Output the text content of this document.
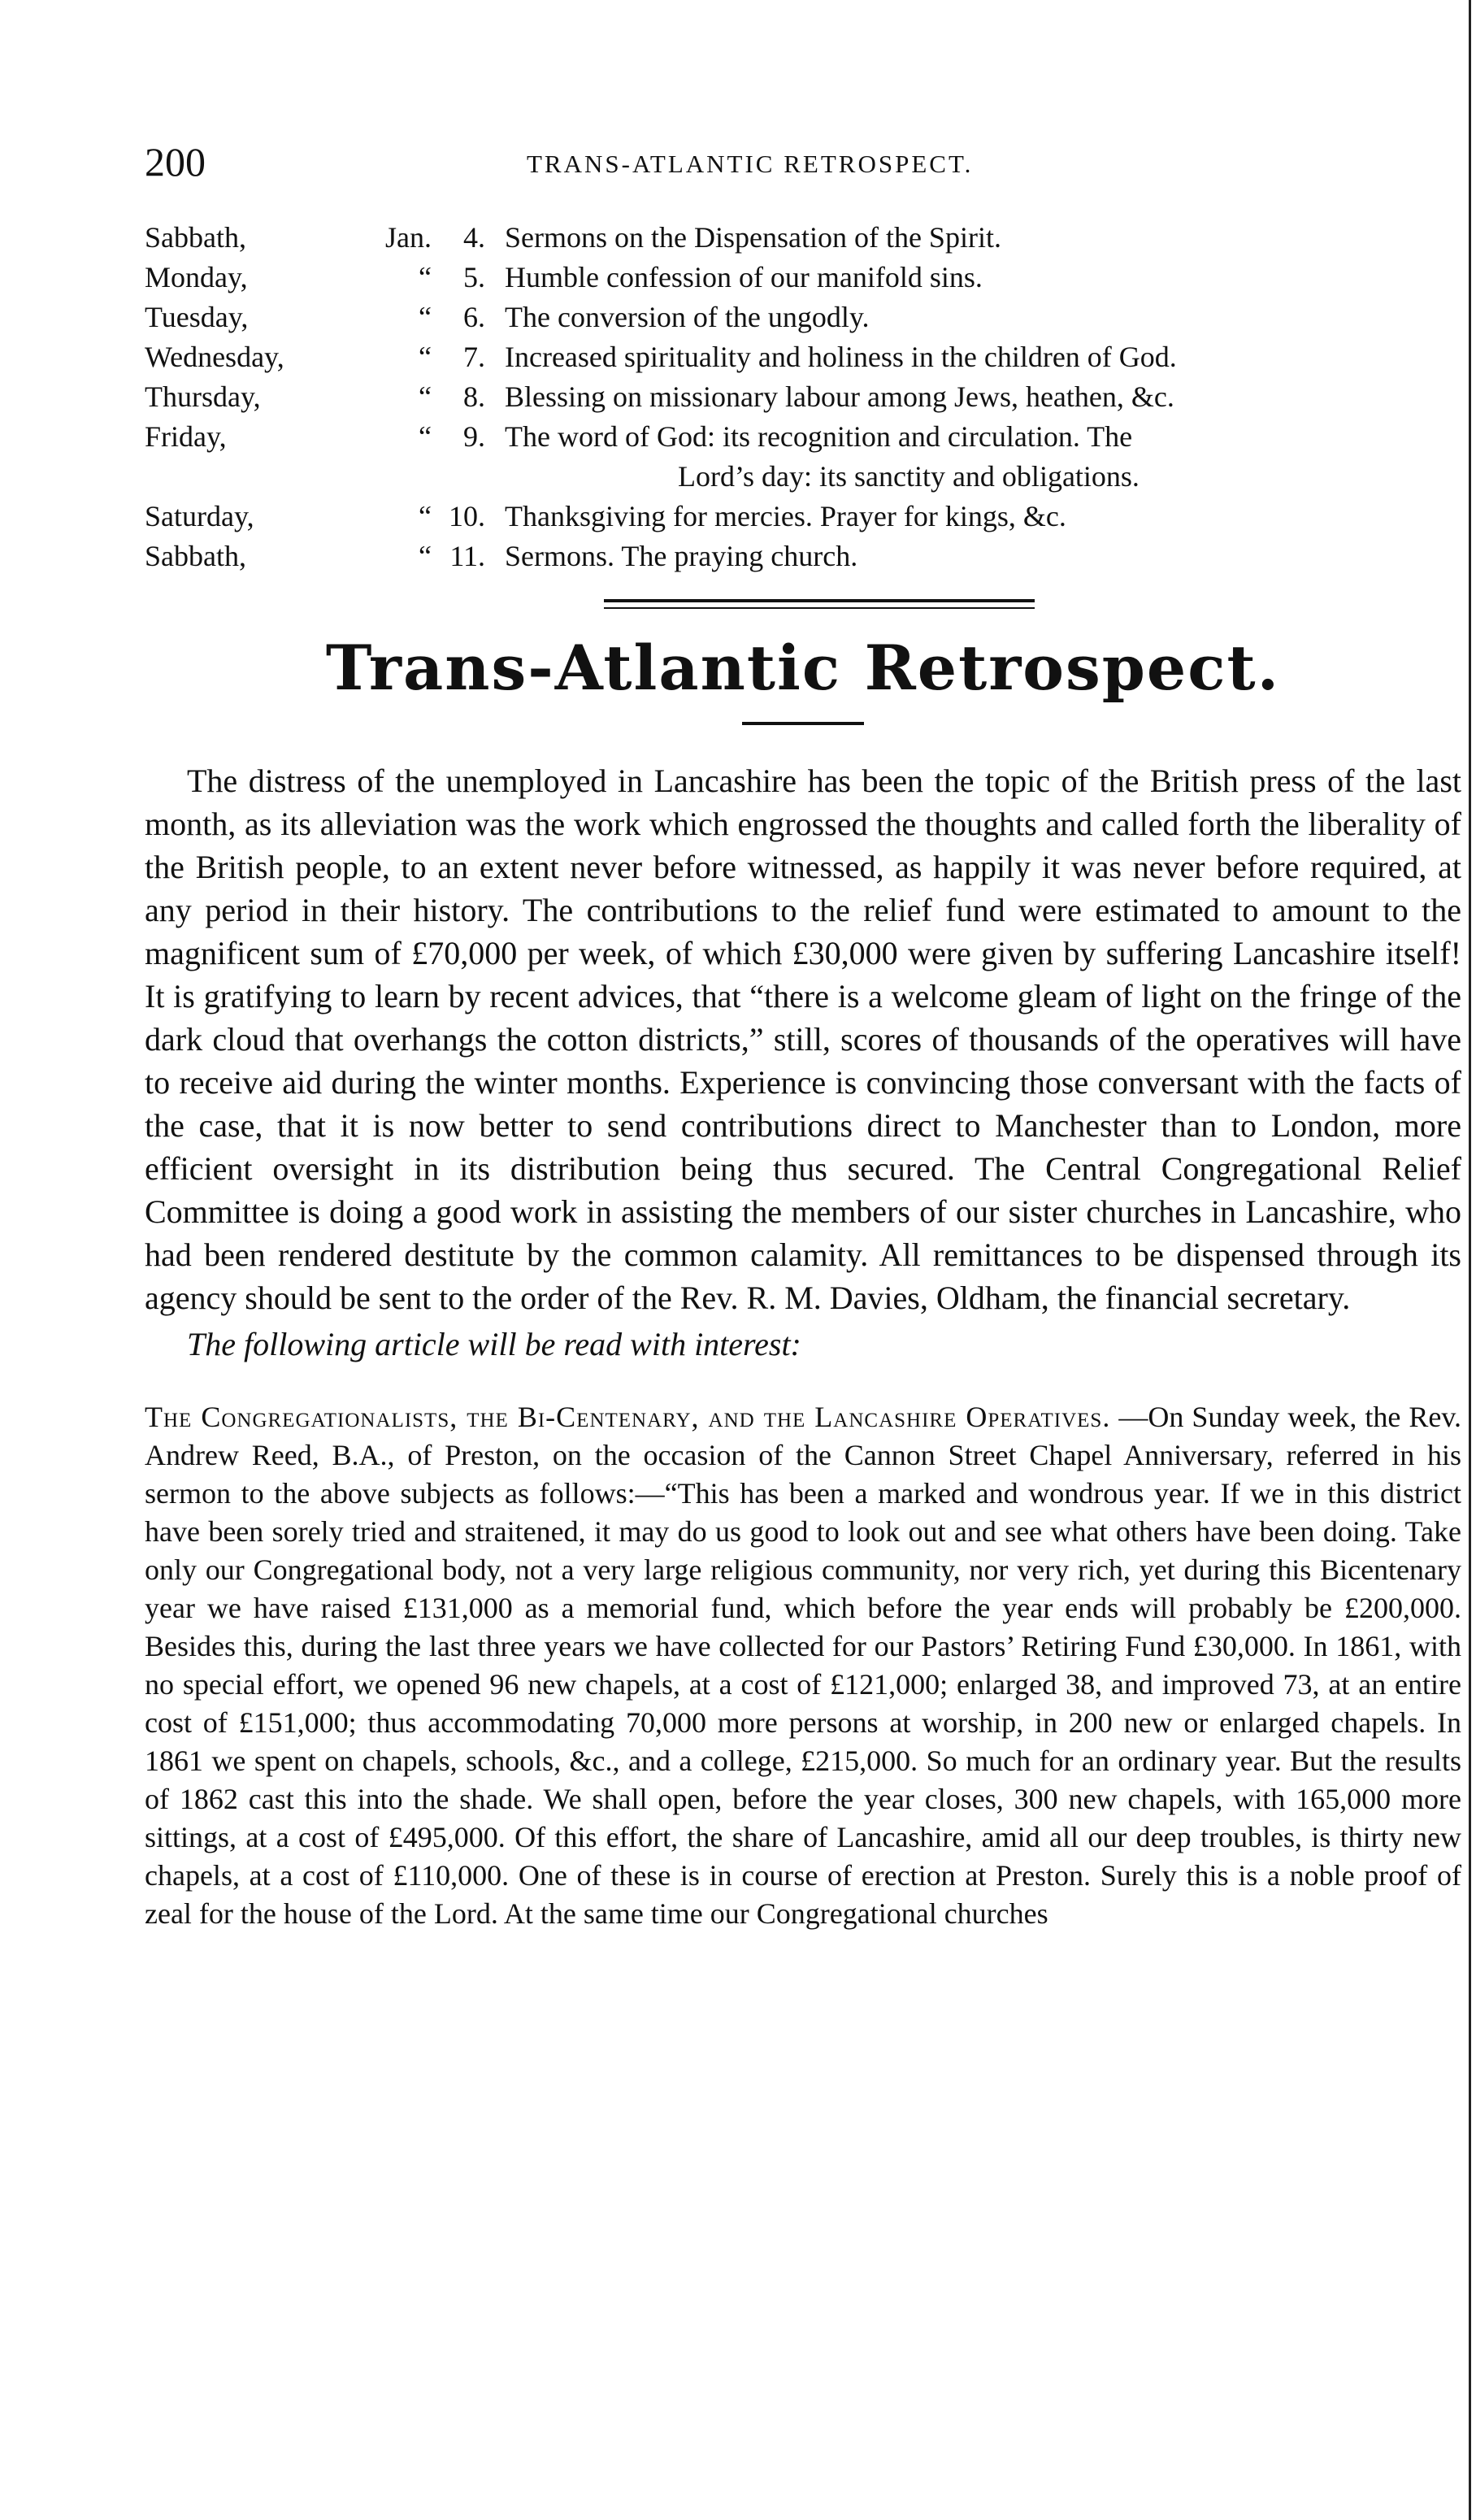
200	TRANS-ATLANTIC RETROSPECT.
Sabbath,	Jan.	4. Sermons on the Dispensation of the Spirit.
Monday,	“	5. Humble confession of our manifold sins.
Tuesday,	“	6. The conversion of the ungodly.
Wednesday,	“	7. Increased spirituality and holiness in the children of God.
Thursday,	“	8. Blessing on missionary labour among Jews, heathen, &c.
Friday,	“	9. The word of God: its recognition and circulation. The
Lord’s day: its sanctity and obligations.
Saturday,	“ 10. Thanksgiving for mercies. Prayer for kings, &c.
Sabbath,	“ 11. Sermons. The praying church.
Trans-Atlantic Retrospect.

The distress of the unemployed in Lancashire has been the topic of the British press of the last month, as its alleviation was the work which engrossed the thoughts and called forth the liberality of the British people, to an extent never before witnessed, as happily it was never before required, at any period in their history. The contributions to the relief fund were estimated to amount to the magnificent sum of £70,000 per week, of which £30,000 were given by suffering Lancashire itself! It is gratifying to learn by recent advices, that “there is a welcome gleam of light on the fringe of the dark cloud that overhangs the cotton districts,” still, scores of thousands of the operatives will have to receive aid during the winter months. Experience is convincing those conversant with the facts of the case, that it is now better to send contributions direct to Manchester than to London, more efficient oversight in its distribution being thus secured. The Central Congregational Relief Committee is doing a good work in assisting the members of our sister churches in Lancashire, who had been rendered destitute by the common calamity. All remittances to be dispensed through its agency should be sent to the order of the Rev. R. M. Davies, Oldham, the financial secretary.

The following article will be read with interest:
The Congregationalists, the Bi-Centenary, and the Lancashire Operatives. —On Sunday week, the Rev. Andrew Reed, B.A., of Preston, on the occasion of the Cannon Street Chapel Anniversary, referred in his sermon to the above subjects as follows:—“This has been a marked and wondrous year. If we in this district have been sorely tried and straitened, it may do us good to look out and see what others have been doing. Take only our Congregational body, not a very large religious community, nor very rich, yet during this Bicentenary year we have raised £131,000 as a memorial fund, which before the year ends will probably be £200,000. Besides this, during the last three years we have collected for our Pastors’ Retiring Fund £30,000. In 1861, with no special effort, we opened 96 new chapels, at a cost of £121,000; enlarged 38, and improved 73, at an entire cost of £151,000; thus accommodating 70,000 more persons at worship, in 200 new or enlarged chapels. In 1861 we spent on chapels, schools, &c., and a college, £215,000. So much for an ordinary year. But the results of 1862 cast this into the shade. We shall open, before the year closes, 300 new chapels, with 165,000 more sittings, at a cost of £495,000. Of this effort, the share of Lancashire, amid all our deep troubles, is thirty new chapels, at a cost of £110,000. One of these is in course of erection at Preston. Surely this is a noble proof of zeal for the house of the Lord. At the same time our Congregational churches
